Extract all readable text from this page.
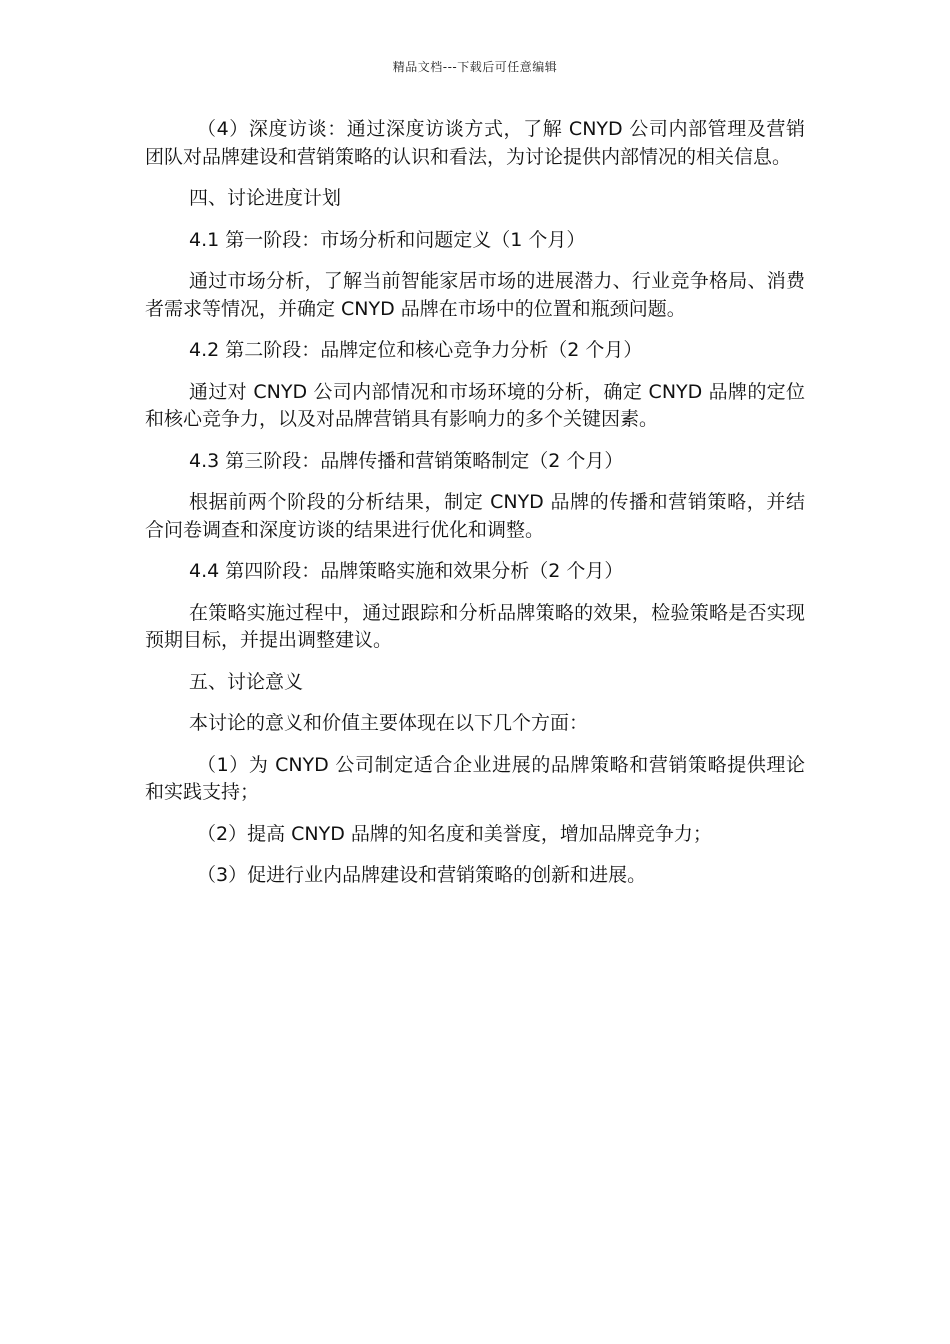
精品文档---下载后可任意编辑

（4）深度访谈：通过深度访谈方式，了解 CNYD 公司内部管理及营销团队对品牌建设和营销策略的认识和看法，为讨论提供内部情况的相关信息。

四、讨论进度计划

4.1 第一阶段：市场分析和问题定义（1 个月）

通过市场分析，了解当前智能家居市场的进展潜力、行业竞争格局、消费者需求等情况，并确定 CNYD 品牌在市场中的位置和瓶颈问题。

4.2 第二阶段：品牌定位和核心竞争力分析（2 个月）

通过对 CNYD 公司内部情况和市场环境的分析，确定 CNYD 品牌的定位和核心竞争力，以及对品牌营销具有影响力的多个关键因素。

4.3 第三阶段：品牌传播和营销策略制定（2 个月）

根据前两个阶段的分析结果，制定 CNYD 品牌的传播和营销策略，并结合问卷调查和深度访谈的结果进行优化和调整。

4.4 第四阶段：品牌策略实施和效果分析（2 个月）

在策略实施过程中，通过跟踪和分析品牌策略的效果，检验策略是否实现预期目标，并提出调整建议。

五、讨论意义

本讨论的意义和价值主要体现在以下几个方面：

（1）为 CNYD 公司制定适合企业进展的品牌策略和营销策略提供理论和实践支持；

（2）提高 CNYD 品牌的知名度和美誉度，增加品牌竞争力；

（3）促进行业内品牌建设和营销策略的创新和进展。
